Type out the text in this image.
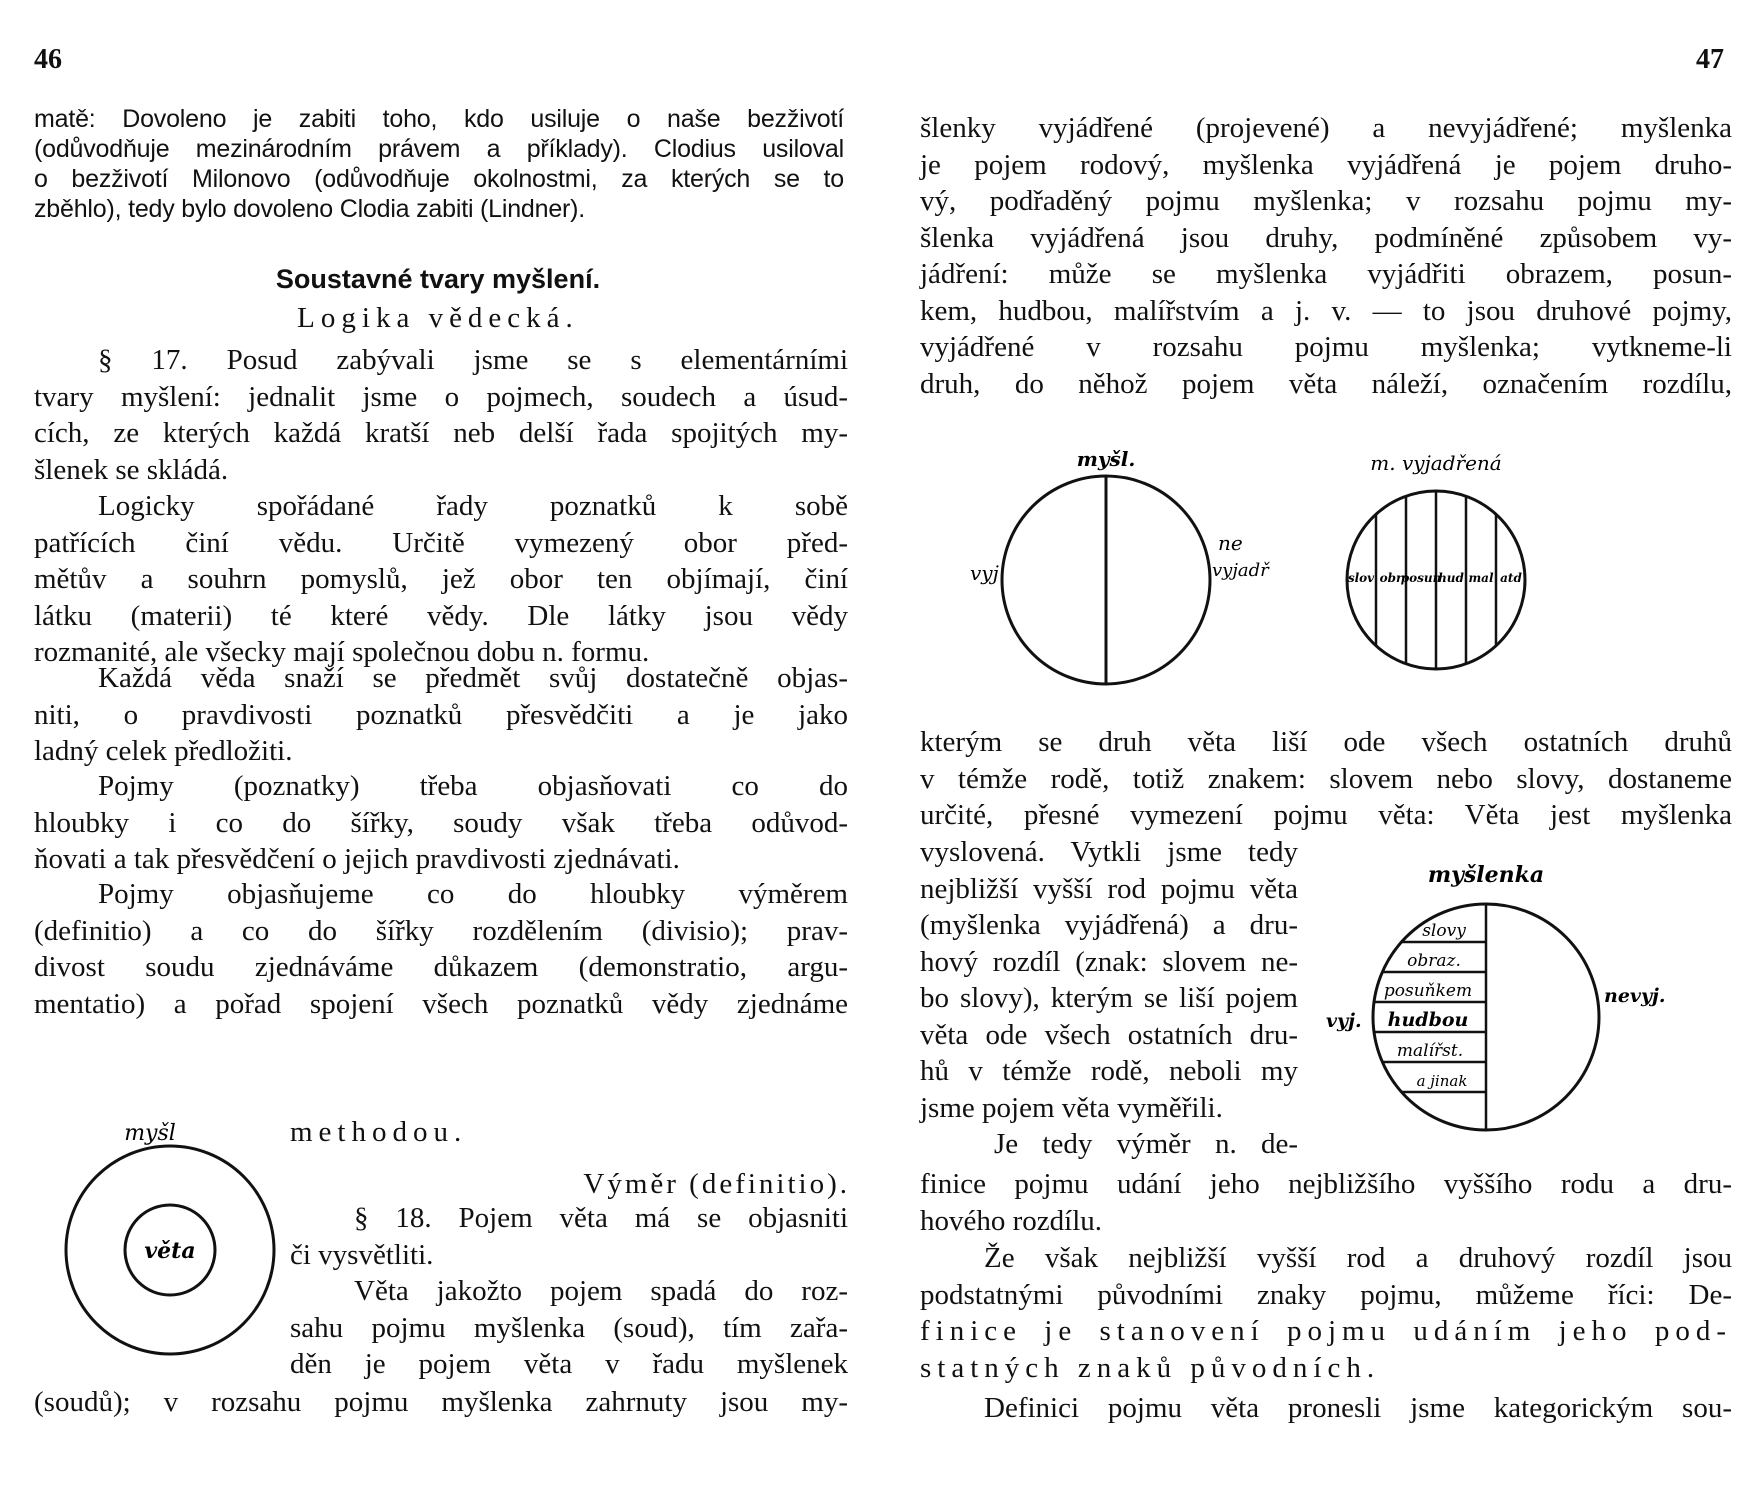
46
matě: Dovoleno je zabiti toho, kdo usiluje o naše bezživotí
(odůvodňuje mezinárodním právem a příklady). Clodius usiloval
o bezživotí Milonovo (odůvodňuje okolnostmi, za kterých se to
zběhlo), tedy bylo dovoleno Clodia zabiti (Lindner).
Soustavné tvary myšlení.
Logika vědecká.
§ 17. Posud zabývali jsme se s elementárními
tvary myšlení: jednalit jsme o pojmech, soudech a úsud-
cích, ze kterých každá kratší neb delší řada spojitých my-
šlenek se skládá.
Logicky spořádané řady poznatků k sobě
patřících činí vědu. Určitě vymezený obor před-
mětův a souhrn pomyslů, jež obor ten objímají, činí
látku (materii) té které vědy. Dle látky jsou vědy
rozmanité, ale všecky mají společnou dobu n. formu.
Každá věda snaží se předmět svůj dostatečně objas-
niti, o pravdivosti poznatků přesvědčiti a je jako
ladný celek předložiti.
Pojmy (poznatky) třeba objasňovati co do
hloubky i co do šířky, soudy však třeba odůvod-
ňovati a tak přesvědčení o jejich pravdivosti zjednávati.
Pojmy objasňujeme co do hloubky výměrem
(definitio) a co do šířky rozdělením (divisio); prav-
divost soudu zjednáváme důkazem (demonstratio, argu-
mentatio) a pořad spojení všech poznatků vědy zjednáme
methodou.
myšl
věta
Výměr (definitio).
§ 18. Pojem věta má se objasniti
či vysvětliti.
Věta jakožto pojem spadá do roz-
sahu pojmu myšlenka (soud), tím zařa-
děn je pojem věta v řadu myšlenek
(soudů); v rozsahu pojmu myšlenka zahrnuty jsou my-
47
šlenky vyjádřené (projevené) a nevyjádřené; myšlenka
je pojem rodový, myšlenka vyjádřená je pojem druho-
vý, podřaděný pojmu myšlenka; v rozsahu pojmu my-
šlenka vyjádřená jsou druhy, podmíněné způsobem vy-
jádření: může se myšlenka vyjádřiti obrazem, posun-
kem, hudbou, malířstvím a j. v. — to jsou druhové pojmy,
vyjádřené v rozsahu pojmu myšlenka; vytkneme-li
druh, do něhož pojem věta náleží, označením rozdílu,
myšl.
vyj
ne
vyjadř
m. vyjadřená
slov obr
posun
hud mal atd
kterým se druh věta liší ode všech ostatních druhů
v témže rodě, totiž znakem: slovem nebo slovy, dostaneme
určité, přesné vymezení pojmu věta: Věta jest myšlenka
vyslovená. Vytkli jsme tedy
nejbližší vyšší rod pojmu věta
(myšlenka vyjádřená) a dru-
hový rozdíl (znak: slovem ne-
bo slovy), kterým se liší pojem
věta ode všech ostatních dru-
hů v témže rodě, neboli my
jsme pojem věta vyměřili.
Je tedy výměr n. de-
myšlenka
slovy
obraz.
posuňkem
hudbou
malířst.
a jinak
vyj.
nevyj.
finice pojmu udání jeho nejbližšího vyššího rodu a dru-
hového rozdílu.
Že však nejbližší vyšší rod a druhový rozdíl jsou
podstatnými původními znaky pojmu, můžeme říci: De-
finice je stanovení pojmu udáním jeho pod-
statných znaků původních.
Definici pojmu věta pronesli jsme kategorickým sou-
